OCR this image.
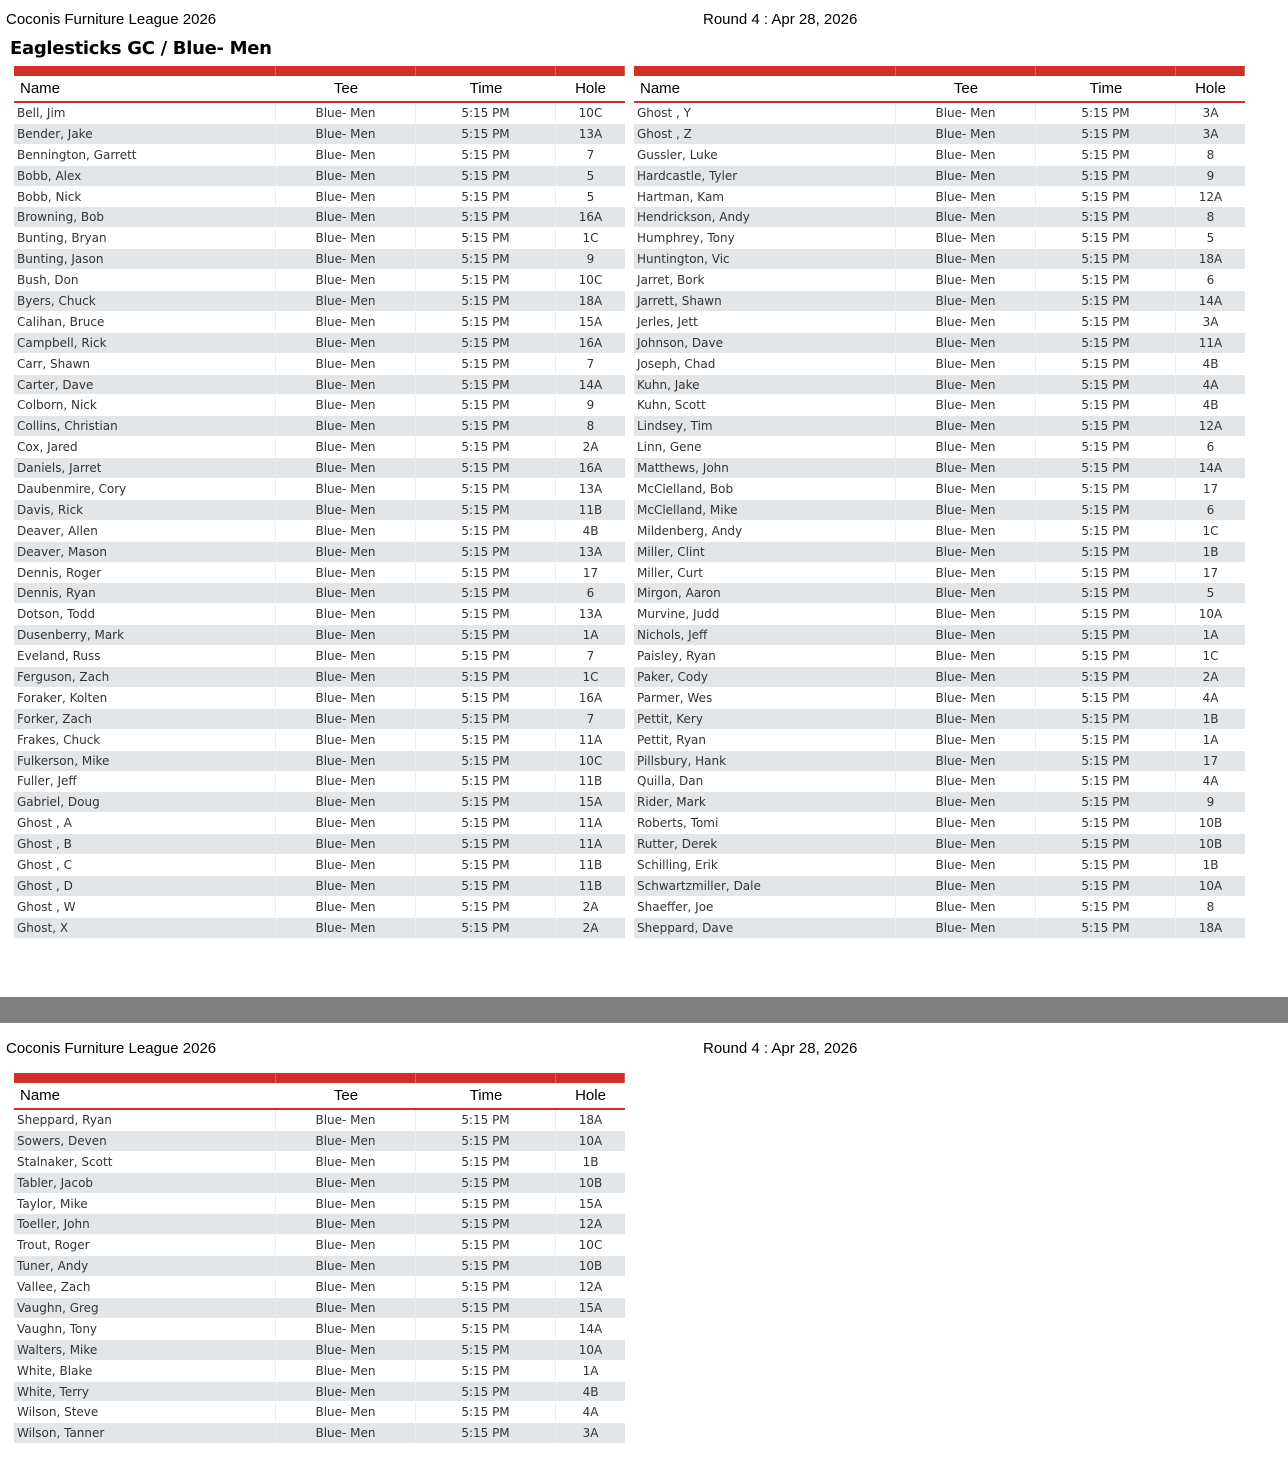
Coconis Furniture League 2026	Round 4 : Apr 28, 2026
Eaglesticks GC / Blue- Men
Name	Tee	Time	Hole
Bell, Jim	Blue- Men	5:15 PM	10C
Bender, Jake	Blue- Men	5:15 PM	13A
Bennington, Garrett	Blue- Men	5:15 PM	7
Bobb, Alex	Blue- Men	5:15 PM	5
Bobb, Nick	Blue- Men	5:15 PM	5
Browning, Bob	Blue- Men	5:15 PM	16A
Bunting, Bryan	Blue- Men	5:15 PM	1C
Bunting, Jason	Blue- Men	5:15 PM	9
Bush, Don	Blue- Men	5:15 PM	10C
Byers, Chuck	Blue- Men	5:15 PM	18A
Calihan, Bruce	Blue- Men	5:15 PM	15A
Campbell, Rick	Blue- Men	5:15 PM	16A
Carr, Shawn	Blue- Men	5:15 PM	7
Carter, Dave	Blue- Men	5:15 PM	14A
Colborn, Nick	Blue- Men	5:15 PM	9
Collins, Christian	Blue- Men	5:15 PM	8
Cox, Jared	Blue- Men	5:15 PM	2A
Daniels, Jarret	Blue- Men	5:15 PM	16A
Daubenmire, Cory	Blue- Men	5:15 PM	13A
Davis, Rick	Blue- Men	5:15 PM	11B
Deaver, Allen	Blue- Men	5:15 PM	4B
Deaver, Mason	Blue- Men	5:15 PM	13A
Dennis, Roger	Blue- Men	5:15 PM	17
Dennis, Ryan	Blue- Men	5:15 PM	6
Dotson, Todd	Blue- Men	5:15 PM	13A
Dusenberry, Mark	Blue- Men	5:15 PM	1A
Eveland, Russ	Blue- Men	5:15 PM	7
Ferguson, Zach	Blue- Men	5:15 PM	1C
Foraker, Kolten	Blue- Men	5:15 PM	16A
Forker, Zach	Blue- Men	5:15 PM	7
Frakes, Chuck	Blue- Men	5:15 PM	11A
Fulkerson, Mike	Blue- Men	5:15 PM	10C
Fuller, Jeff	Blue- Men	5:15 PM	11B
Gabriel, Doug	Blue- Men	5:15 PM	15A
Ghost , A	Blue- Men	5:15 PM	11A
Ghost , B	Blue- Men	5:15 PM	11A
Ghost , C	Blue- Men	5:15 PM	11B
Ghost , D	Blue- Men	5:15 PM	11B
Ghost , W	Blue- Men	5:15 PM	2A
Ghost, X	Blue- Men	5:15 PM	2A
Name	Tee	Time	Hole
Ghost , Y	Blue- Men	5:15 PM	3A
Ghost , Z	Blue- Men	5:15 PM	3A
Gussler, Luke	Blue- Men	5:15 PM	8
Hardcastle, Tyler	Blue- Men	5:15 PM	9
Hartman, Kam	Blue- Men	5:15 PM	12A
Hendrickson, Andy	Blue- Men	5:15 PM	8
Humphrey, Tony	Blue- Men	5:15 PM	5
Huntington, Vic	Blue- Men	5:15 PM	18A
Jarret, Bork	Blue- Men	5:15 PM	6
Jarrett, Shawn	Blue- Men	5:15 PM	14A
Jerles, Jett	Blue- Men	5:15 PM	3A
Johnson, Dave	Blue- Men	5:15 PM	11A
Joseph, Chad	Blue- Men	5:15 PM	4B
Kuhn, Jake	Blue- Men	5:15 PM	4A
Kuhn, Scott	Blue- Men	5:15 PM	4B
Lindsey, Tim	Blue- Men	5:15 PM	12A
Linn, Gene	Blue- Men	5:15 PM	6
Matthews, John	Blue- Men	5:15 PM	14A
McClelland, Bob	Blue- Men	5:15 PM	17
McClelland, Mike	Blue- Men	5:15 PM	6
Mildenberg, Andy	Blue- Men	5:15 PM	1C
Miller, Clint	Blue- Men	5:15 PM	1B
Miller, Curt	Blue- Men	5:15 PM	17
Mirgon, Aaron	Blue- Men	5:15 PM	5
Murvine, Judd	Blue- Men	5:15 PM	10A
Nichols, Jeff	Blue- Men	5:15 PM	1A
Paisley, Ryan	Blue- Men	5:15 PM	1C
Paker, Cody	Blue- Men	5:15 PM	2A
Parmer, Wes	Blue- Men	5:15 PM	4A
Pettit, Kery	Blue- Men	5:15 PM	1B
Pettit, Ryan	Blue- Men	5:15 PM	1A
Pillsbury, Hank	Blue- Men	5:15 PM	17
Quilla, Dan	Blue- Men	5:15 PM	4A
Rider, Mark	Blue- Men	5:15 PM	9
Roberts, Tomi	Blue- Men	5:15 PM	10B
Rutter, Derek	Blue- Men	5:15 PM	10B
Schilling, Erik	Blue- Men	5:15 PM	1B
Schwartzmiller, Dale	Blue- Men	5:15 PM	10A
Shaeffer, Joe	Blue- Men	5:15 PM	8
Sheppard, Dave	Blue- Men	5:15 PM	18A
Coconis Furniture League 2026	Round 4 : Apr 28, 2026
Name	Tee	Time	Hole
Sheppard, Ryan	Blue- Men	5:15 PM	18A
Sowers, Deven	Blue- Men	5:15 PM	10A
Stalnaker, Scott	Blue- Men	5:15 PM	1B
Tabler, Jacob	Blue- Men	5:15 PM	10B
Taylor, Mike	Blue- Men	5:15 PM	15A
Toeller, John	Blue- Men	5:15 PM	12A
Trout, Roger	Blue- Men	5:15 PM	10C
Tuner, Andy	Blue- Men	5:15 PM	10B
Vallee, Zach	Blue- Men	5:15 PM	12A
Vaughn, Greg	Blue- Men	5:15 PM	15A
Vaughn, Tony	Blue- Men	5:15 PM	14A
Walters, Mike	Blue- Men	5:15 PM	10A
White, Blake	Blue- Men	5:15 PM	1A
White, Terry	Blue- Men	5:15 PM	4B
Wilson, Steve	Blue- Men	5:15 PM	4A
Wilson, Tanner	Blue- Men	5:15 PM	3A
